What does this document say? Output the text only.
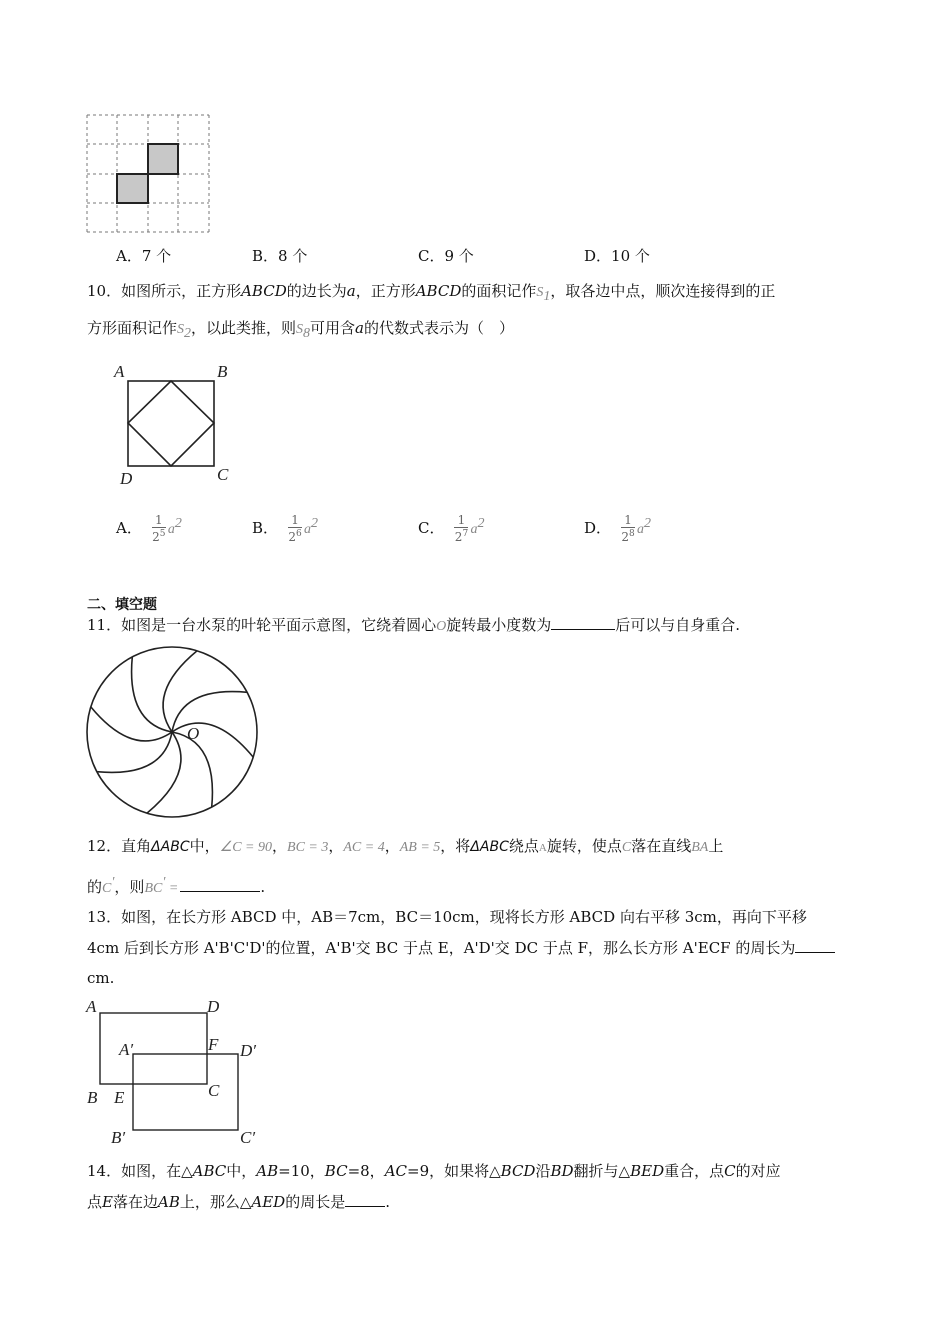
A．7 个	B．8 个	C．9 个	D．10 个
10．如图所示，正方形ABCD的边长为a，正方形ABCD的面积记作$S_1$，取各边中点，顺次连接得到的正
方形面积记作$S_2$，以此类推，则$S_8$可用含a的代数式表示为（　）
A	B
C
D
A． $\frac{1}{2^5} a^2$	B． $\frac{1}{2^6} a^2$	C． $\frac{1}{2^7} a^2$	D． $\frac{1}{2^8} a^2$
二、填空题
11．如图是一台水泵的叶轮平面示意图，它绕着圆心O旋转最小度数为	后可以与自身重合.
O
12．直角ΔABC中，∠C = 90，BC = 3，AC = 4，AB = 5，将ΔABC绕点A旋转，使点C落在直线BA上
的C′，则BC′ =	.
13．如图，在长方形 ABCD 中，AB＝7cm，BC＝10cm，现将长方形 ABCD 向右平移 3cm，再向下平移
4cm 后到长方形 A'B'C'D'的位置，A'B'交 BC 于点 E，A'D'交 DC 于点 F，那么长方形 A'ECF 的周长为
cm.
A	D
A′	F D′
B E	C
B′	C′
14．如图，在△ABC中，AB=10，BC=8，AC=9，如果将△BCD沿BD翻折与△BED重合，点C的对应
点E落在边AB上，那么△AED的周长是	.
